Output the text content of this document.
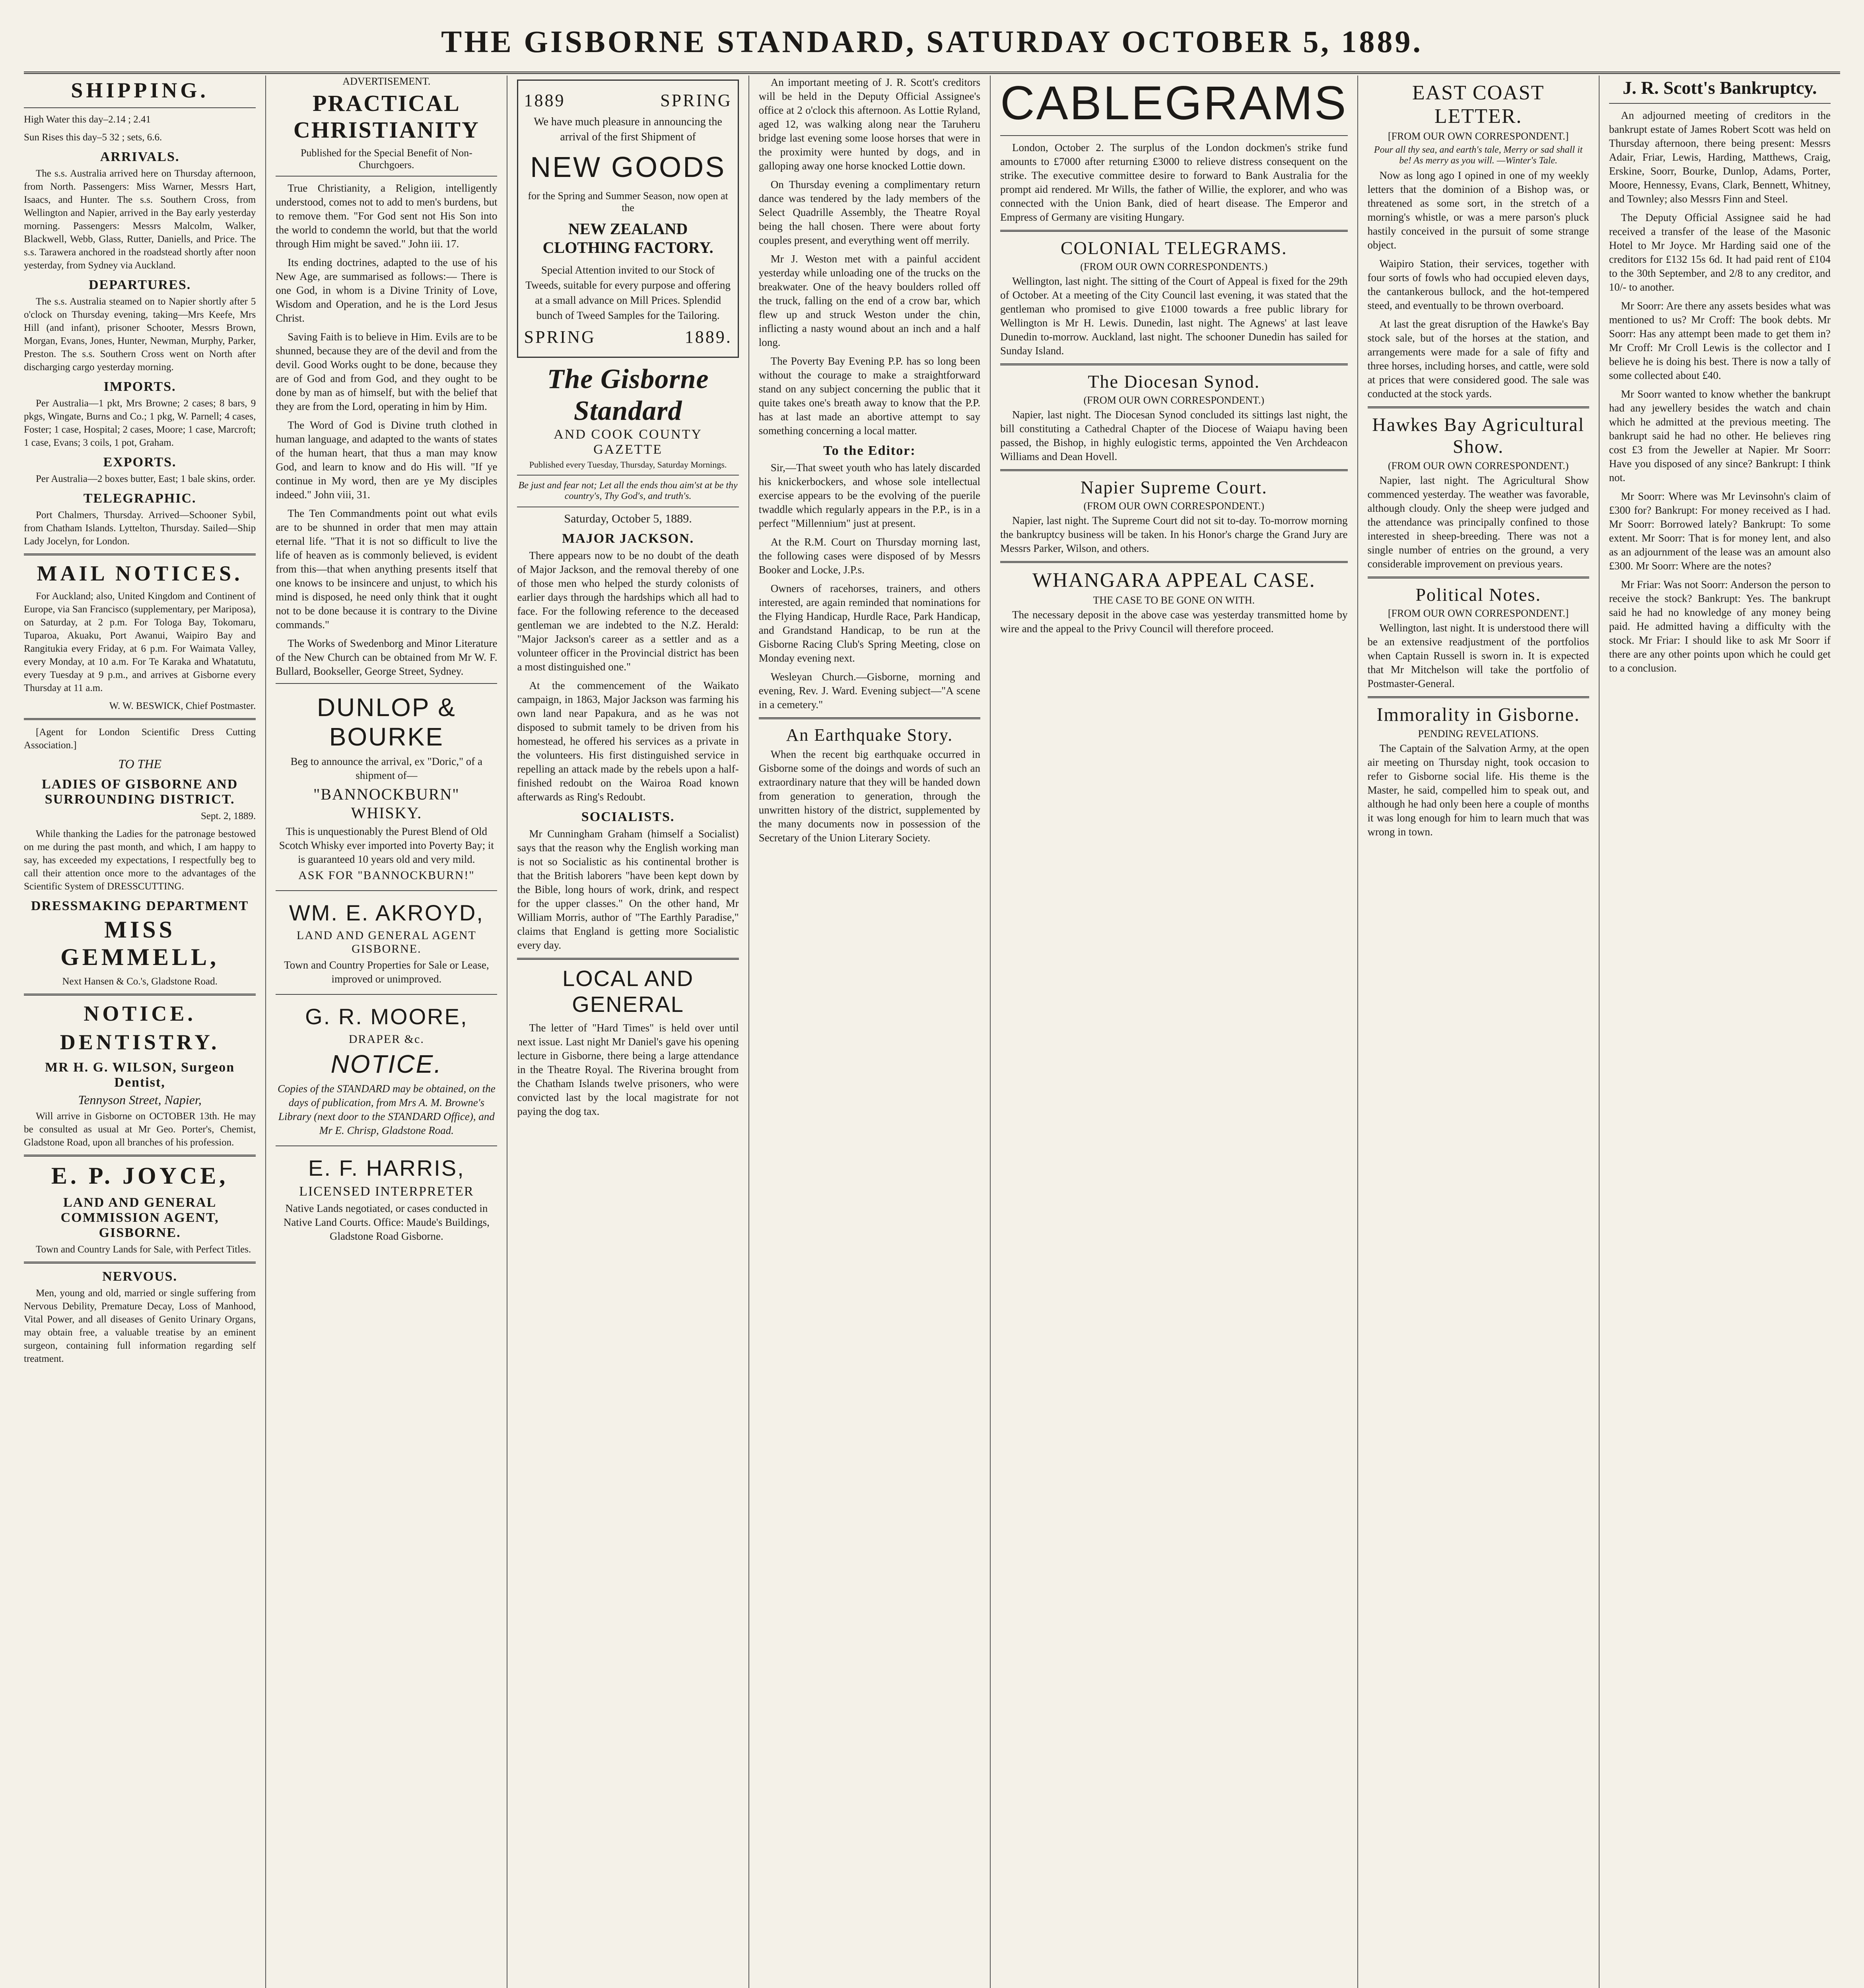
THE GISBORNE STANDARD, SATURDAY OCTOBER 5, 1889.
SHIPPING.

High Water this day–2.14 ; 2.41

Sun Rises this day–5 32 ; sets, 6.6.

ARRIVALS.

The s.s. Australia arrived here on Thursday afternoon, from North. Passengers: Miss Warner, Messrs Hart, Isaacs, and Hunter. The s.s. Southern Cross, from Wellington and Napier, arrived in the Bay early yesterday morning. Passengers: Messrs Malcolm, Walker, Blackwell, Webb, Glass, Rutter, Daniells, and Price. The s.s. Tarawera anchored in the roadstead shortly after noon yesterday, from Sydney via Auckland.

DEPARTURES.

The s.s. Australia steamed on to Napier shortly after 5 o'clock on Thursday evening, taking—Mrs Keefe, Mrs Hill (and infant), prisoner Schooter, Messrs Brown, Morgan, Evans, Jones, Hunter, Newman, Murphy, Parker, Preston. The s.s. Southern Cross went on North after discharging cargo yesterday morning.

IMPORTS.

Per Australia—1 pkt, Mrs Browne; 2 cases; 8 bars, 9 pkgs, Wingate, Burns and Co.; 1 pkg, W. Parnell; 4 cases, Foster; 1 case, Hospital; 2 cases, Moore; 1 case, Marcroft; 1 case, Evans; 3 coils, 1 pot, Graham.

EXPORTS.

Per Australia—2 boxes butter, East; 1 bale skins, order.

TELEGRAPHIC.

Port Chalmers, Thursday. Arrived—Schooner Sybil, from Chatham Islands. Lyttelton, Thursday. Sailed—Ship Lady Jocelyn, for London.

MAIL NOTICES.

For Auckland; also, United Kingdom and Continent of Europe, via San Francisco (supplementary, per Mariposa), on Saturday, at 2 p.m. For Tologa Bay, Tokomaru, Tuparoa, Akuaku, Port Awanui, Waipiro Bay and Rangitukia every Friday, at 6 p.m. For Waimata Valley, every Monday, at 10 a.m. For Te Karaka and Whatatutu, every Tuesday at 9 p.m., and arrives at Gisborne every Thursday at 11 a.m.

W. W. BESWICK, Chief Postmaster.

[Agent for London Scientific Dress Cutting Association.]

TO THE
LADIES OF GISBORNE AND SURROUNDING DISTRICT.

Sept. 2, 1889.

While thanking the Ladies for the patronage bestowed on me during the past month, and which, I am happy to say, has exceeded my expectations, I respectfully beg to call their attention once more to the advantages of the Scientific System of DRESSCUTTING.

DRESSMAKING DEPARTMENT
MISS GEMMELL,

Next Hansen & Co.'s, Gladstone Road.

NOTICE.
DENTISTRY.
MR H. G. WILSON, Surgeon Dentist,
Tennyson Street, Napier,

Will arrive in Gisborne on OCTOBER 13th. He may be consulted as usual at Mr Geo. Porter's, Chemist, Gladstone Road, upon all branches of his profession.

E. P. JOYCE,
LAND AND GENERAL COMMISSION AGENT, GISBORNE.

Town and Country Lands for Sale, with Perfect Titles.

NERVOUS.

Men, young and old, married or single suffering from Nervous Debility, Premature Decay, Loss of Manhood, Vital Power, and all diseases of Genito Urinary Organs, may obtain free, a valuable treatise by an eminent surgeon, containing full information regarding self treatment.

ADVERTISEMENT.
PRACTICAL CHRISTIANITY
Published for the Special Benefit of Non-Churchgoers.

True Christianity, a Religion, intelligently understood, comes not to add to men's burdens, but to remove them. "For God sent not His Son into the world to condemn the world, but that the world through Him might be saved." John iii. 17.

Its ending doctrines, adapted to the use of his New Age, are summarised as follows:— There is one God, in whom is a Divine Trinity of Love, Wisdom and Operation, and he is the Lord Jesus Christ.

Saving Faith is to believe in Him. Evils are to be shunned, because they are of the devil and from the devil. Good Works ought to be done, because they are of God and from God, and they ought to be done by man as of himself, but with the belief that they are from the Lord, operating in him by Him.

The Word of God is Divine truth clothed in human language, and adapted to the wants of states of the human heart, that thus a man may know God, and learn to know and do His will. "If ye continue in My word, then are ye My disciples indeed." John viii, 31.

The Ten Commandments point out what evils are to be shunned in order that men may attain eternal life. "That it is not so difficult to live the life of heaven as is commonly believed, is evident from this—that when anything presents itself that one knows to be insincere and unjust, to which his mind is disposed, he need only think that it ought not to be done because it is contrary to the Divine commands."

The Works of Swedenborg and Minor Literature of the New Church can be obtained from Mr W. F. Bullard, Bookseller, George Street, Sydney.

DUNLOP & BOURKE
Beg to announce the arrival, ex "Doric," of a shipment of—
"BANNOCKBURN" WHISKY.
This is unquestionably the Purest Blend of Old Scotch Whisky ever imported into Poverty Bay; it is guaranteed 10 years old and very mild.
ASK FOR "BANNOCKBURN!"
WM. E. AKROYD,
LAND AND GENERAL AGENT GISBORNE.
Town and Country Properties for Sale or Lease, improved or unimproved.
G. R. MOORE,
DRAPER &c.
NOTICE.
Copies of the STANDARD may be obtained, on the days of publication, from Mrs A. M. Browne's Library (next door to the STANDARD Office), and Mr E. Chrisp, Gladstone Road.
E. F. HARRIS,
LICENSED INTERPRETER
Native Lands negotiated, or cases conducted in Native Land Courts. Office: Maude's Buildings, Gladstone Road Gisborne.
1889	SPRING
We have much pleasure in announcing the arrival of the first Shipment of
NEW GOODS
for the Spring and Summer Season, now open at the
NEW ZEALAND CLOTHING FACTORY.
Special Attention invited to our Stock of Tweeds, suitable for every purpose and offering at a small advance on Mill Prices. Splendid bunch of Tweed Samples for the Tailoring.
SPRING	1889.
The Gisborne Standard
AND COOK COUNTY GAZETTE
Published every Tuesday, Thursday, Saturday Mornings.
Be just and fear not; Let all the ends thou aim'st at be thy country's, Thy God's, and truth's.
Saturday, October 5, 1889.
MAJOR JACKSON.

There appears now to be no doubt of the death of Major Jackson, and the removal thereby of one of those men who helped the sturdy colonists of earlier days through the hardships which all had to face. For the following reference to the deceased gentleman we are indebted to the N.Z. Herald: "Major Jackson's career as a settler and as a volunteer officer in the Provincial district has been a most distinguished one."

At the commencement of the Waikato campaign, in 1863, Major Jackson was farming his own land near Papakura, and as he was not disposed to submit tamely to be driven from his homestead, he offered his services as a private in the volunteers. His first distinguished service in repelling an attack made by the rebels upon a half-finished redoubt on the Wairoa Road known afterwards as Ring's Redoubt.

SOCIALISTS.

Mr Cunningham Graham (himself a Socialist) says that the reason why the English working man is not so Socialistic as his continental brother is that the British laborers "have been kept down by the Bible, long hours of work, drink, and respect for the upper classes." On the other hand, Mr William Morris, author of "The Earthly Paradise," claims that England is getting more Socialistic every day.

LOCAL AND GENERAL

The letter of "Hard Times" is held over until next issue. Last night Mr Daniel's gave his opening lecture in Gisborne, there being a large attendance in the Theatre Royal. The Riverina brought from the Chatham Islands twelve prisoners, who were convicted last by the local magistrate for not paying the dog tax.

An important meeting of J. R. Scott's creditors will be held in the Deputy Official Assignee's office at 2 o'clock this afternoon. As Lottie Ryland, aged 12, was walking along near the Taruheru bridge last evening some loose horses that were in the proximity were hunted by dogs, and in galloping away one horse knocked Lottie down.

On Thursday evening a complimentary return dance was tendered by the lady members of the Select Quadrille Assembly, the Theatre Royal being the hall chosen. There were about forty couples present, and everything went off merrily.

Mr J. Weston met with a painful accident yesterday while unloading one of the trucks on the breakwater. One of the heavy boulders rolled off the truck, falling on the end of a crow bar, which flew up and struck Weston under the chin, inflicting a nasty wound about an inch and a half long.

The Poverty Bay Evening P.P. has so long been without the courage to make a straightforward stand on any subject concerning the public that it quite takes one's breath away to know that the P.P. has at last made an abortive attempt to say something concerning a local matter.

To the Editor:

Sir,—That sweet youth who has lately discarded his knickerbockers, and whose sole intellectual exercise appears to be the evolving of the puerile twaddle which regularly appears in the P.P., is in a perfect "Millennium" just at present.

At the R.M. Court on Thursday morning last, the following cases were disposed of by Messrs Booker and Locke, J.P.s.

Owners of racehorses, trainers, and others interested, are again reminded that nominations for the Flying Handicap, Hurdle Race, Park Handicap, and Grandstand Handicap, to be run at the Gisborne Racing Club's Spring Meeting, close on Monday evening next.

Wesleyan Church.—Gisborne, morning and evening, Rev. J. Ward. Evening subject—"A scene in a cemetery."

An Earthquake Story.

When the recent big earthquake occurred in Gisborne some of the doings and words of such an extraordinary nature that they will be handed down from generation to generation, through the unwritten history of the district, supplemented by the many documents now in possession of the Secretary of the Union Literary Society.

CABLEGRAMS

London, October 2. The surplus of the London dockmen's strike fund amounts to £7000 after returning £3000 to relieve distress consequent on the strike. The executive committee desire to forward to Bank Australia for the prompt aid rendered. Mr Wills, the father of Willie, the explorer, and who was connected with the Union Bank, died of heart disease. The Emperor and Empress of Germany are visiting Hungary.

COLONIAL TELEGRAMS.
(FROM OUR OWN CORRESPONDENTS.)

Wellington, last night. The sitting of the Court of Appeal is fixed for the 29th of October. At a meeting of the City Council last evening, it was stated that the gentleman who promised to give £1000 towards a free public library for Wellington is Mr H. Lewis. Dunedin, last night. The Agnews' at last leave Dunedin to-morrow. Auckland, last night. The schooner Dunedin has sailed for Sunday Island.

The Diocesan Synod.
(FROM OUR OWN CORRESPONDENT.)

Napier, last night. The Diocesan Synod concluded its sittings last night, the bill constituting a Cathedral Chapter of the Diocese of Waiapu having been passed, the Bishop, in highly eulogistic terms, appointed the Ven Archdeacon Williams and Dean Hovell.

Napier Supreme Court.
(FROM OUR OWN CORRESPONDENT.)

Napier, last night. The Supreme Court did not sit to-day. To-morrow morning the bankruptcy business will be taken. In his Honor's charge the Grand Jury are Messrs Parker, Wilson, and others.

WHANGARA APPEAL CASE.
THE CASE TO BE GONE ON WITH.

The necessary deposit in the above case was yesterday transmitted home by wire and the appeal to the Privy Council will therefore proceed.

EAST COAST LETTER.
[FROM OUR OWN CORRESPONDENT.]
Pour all thy sea, and earth's tale, Merry or sad shall it be! As merry as you will. —Winter's Tale.

Now as long ago I opined in one of my weekly letters that the dominion of a Bishop was, or threatened as some sort, in the stretch of a morning's whistle, or was a mere parson's pluck hastily conceived in the pursuit of some strange object.

Waipiro Station, their services, together with four sorts of fowls who had occupied eleven days, the cantankerous bullock, and the hot-tempered steed, and eventually to be thrown overboard.

At last the great disruption of the Hawke's Bay stock sale, but of the horses at the station, and arrangements were made for a sale of fifty and three horses, including horses, and cattle, were sold at prices that were considered good. The sale was conducted at the stock yards.

Hawkes Bay Agricultural Show.
(FROM OUR OWN CORRESPONDENT.)

Napier, last night. The Agricultural Show commenced yesterday. The weather was favorable, although cloudy. Only the sheep were judged and the attendance was principally confined to those interested in sheep-breeding. There was not a single number of entries on the ground, a very considerable improvement on previous years.

Political Notes.
[FROM OUR OWN CORRESPONDENT.]

Wellington, last night. It is understood there will be an extensive readjustment of the portfolios when Captain Russell is sworn in. It is expected that Mr Mitchelson will take the portfolio of Postmaster-General.

Immorality in Gisborne.
PENDING REVELATIONS.

The Captain of the Salvation Army, at the open air meeting on Thursday night, took occasion to refer to Gisborne social life. His theme is the Master, he said, compelled him to speak out, and although he had only been here a couple of months it was long enough for him to learn much that was wrong in town.

J. R. Scott's Bankruptcy.

An adjourned meeting of creditors in the bankrupt estate of James Robert Scott was held on Thursday afternoon, there being present: Messrs Adair, Friar, Lewis, Harding, Matthews, Craig, Erskine, Soorr, Bourke, Dunlop, Adams, Porter, Moore, Hennessy, Evans, Clark, Bennett, Whitney, and Townley; also Messrs Finn and Steel.

The Deputy Official Assignee said he had received a transfer of the lease of the Masonic Hotel to Mr Joyce. Mr Harding said one of the creditors for £132 15s 6d. It had paid rent of £104 to the 30th September, and 2/8 to any creditor, and 10/- to another.

Mr Soorr: Are there any assets besides what was mentioned to us? Mr Croff: The book debts. Mr Soorr: Has any attempt been made to get them in? Mr Croff: Mr Croll Lewis is the collector and I believe he is doing his best. There is now a tally of some collected about £40.

Mr Soorr wanted to know whether the bankrupt had any jewellery besides the watch and chain which he admitted at the previous meeting. The bankrupt said he had no other. He believes ring cost £3 from the Jeweller at Napier. Mr Soorr: Have you disposed of any since? Bankrupt: I think not.

Mr Soorr: Where was Mr Levinsohn's claim of £300 for? Bankrupt: For money received as I had. Mr Soorr: Borrowed lately? Bankrupt: To some extent. Mr Soorr: That is for money lent, and also as an adjournment of the lease was an amount also £300. Mr Soorr: Where are the notes?

Mr Friar: Was not Soorr: Anderson the person to receive the stock? Bankrupt: Yes. The bankrupt said he had no knowledge of any money being paid. He admitted having a difficulty with the stock. Mr Friar: I should like to ask Mr Soorr if there are any other points upon which he could get to a conclusion.
